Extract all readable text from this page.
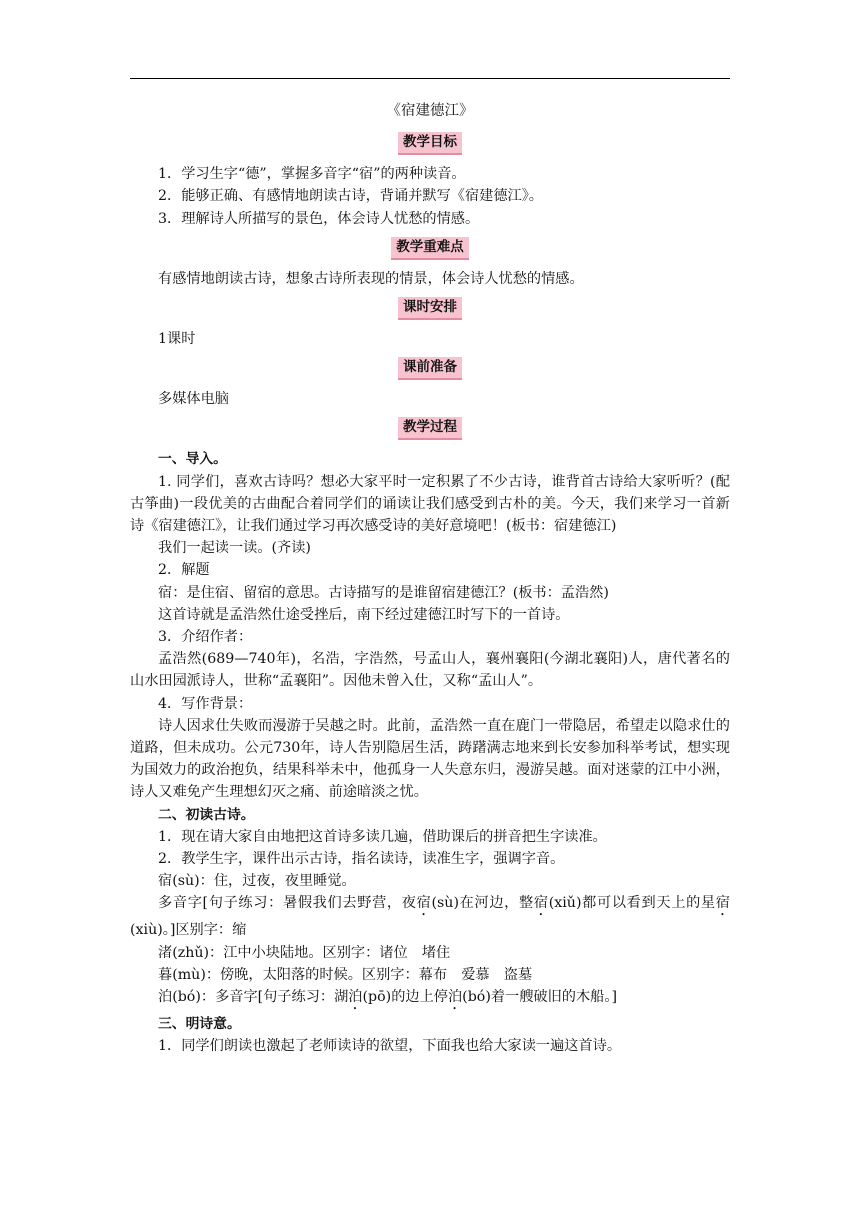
《宿建德江》
教学目标

1．学习生字“德”，掌握多音字“宿”的两种读音。

2．能够正确、有感情地朗读古诗，背诵并默写《宿建德江》。

3．理解诗人所描写的景色，体会诗人忧愁的情感。

教学重难点

有感情地朗读古诗，想象古诗所表现的情景，体会诗人忧愁的情感。

课时安排

1课时

课前准备

多媒体电脑

教学过程

一、导入。

1. 同学们，喜欢古诗吗？想必大家平时一定积累了不少古诗，谁背首古诗给大家听听？(配古筝曲)一段优美的古曲配合着同学们的诵读让我们感受到古朴的美。今天，我们来学习一首新诗《宿建德江》，让我们通过学习再次感受诗的美好意境吧！(板书：宿建德江)

我们一起读一读。(齐读)

2．解题

宿：是住宿、留宿的意思。古诗描写的是谁留宿建德江？(板书：孟浩然)

这首诗就是孟浩然仕途受挫后，南下经过建德江时写下的一首诗。

3．介绍作者：

孟浩然(689—740年)，名浩，字浩然，号孟山人，襄州襄阳(今湖北襄阳)人，唐代著名的山水田园派诗人，世称“孟襄阳”。因他未曾入仕，又称“孟山人”。

4．写作背景：

诗人因求仕失败而漫游于吴越之时。此前，孟浩然一直在鹿门一带隐居，希望走以隐求仕的道路，但未成功。公元730年，诗人告别隐居生活，踌躇满志地来到长安参加科举考试，想实现为国效力的政治抱负，结果科举未中，他孤身一人失意东归，漫游吴越。面对迷蒙的江中小洲，诗人又难免产生理想幻灭之痛、前途暗淡之忧。

二、初读古诗。

1．现在请大家自由地把这首诗多读几遍，借助课后的拼音把生字读准。

2．教学生字，课件出示古诗，指名读诗，读准生字，强调字音。

宿(sù)：住，过夜，夜里睡觉。

多音字[句子练习：暑假我们去野营，夜宿(sù)在河边，整宿(xiǔ)都可以看到天上的星宿(xiù)。]区别字：缩

渚(zhǔ)：江中小块陆地。区别字：诸位　堵住

暮(mù)：傍晚，太阳落的时候。区别字：幕布　爱慕　盗墓

泊(bó)：多音字[句子练习：湖泊(pō)的边上停泊(bó)着一艘破旧的木船。]

三、明诗意。

1．同学们朗读也激起了老师读诗的欲望，下面我也给大家读一遍这首诗。
